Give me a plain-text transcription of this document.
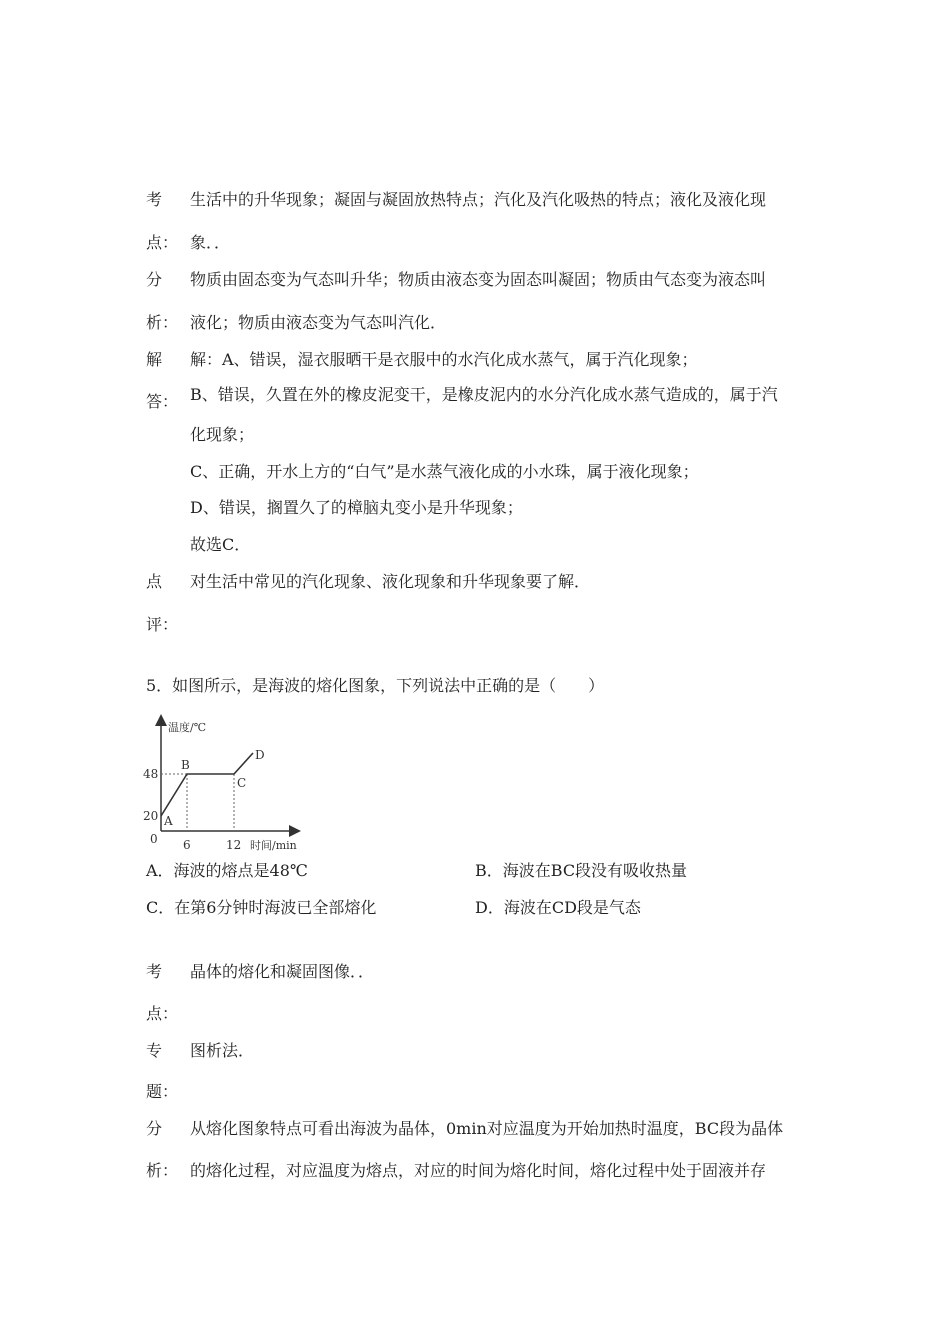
考 生活中的升华现象；凝固与凝固放热特点；汽化及汽化吸热的特点；液化及液化现
点： 象．．
分 物质由固态变为气态叫升华；物质由液态变为固态叫凝固；物质由气态变为液态叫
析： 液化；物质由液态变为气态叫汽化．
解 解：A、错误，湿衣服晒干是衣服中的水汽化成水蒸气，属于汽化现象；
答： B、错误，久置在外的橡皮泥变干，是橡皮泥内的水分汽化成水蒸气造成的，属于汽
化现象；
C、正确，开水上方的“白气”是水蒸气液化成的小水珠，属于液化现象；
D、错误，搁置久了的樟脑丸变小是升华现象；
故选C．
点 对生活中常见的汽化现象、液化现象和升华现象要了解．
评：
5．如图所示，是海波的熔化图象，下列说法中正确的是（　　）
温度/℃
时间/min
0
48
20
6	12
A
B
C
D
A．海波的熔点是48℃	B．海波在BC段没有吸收热量
C．在第6分钟时海波已全部熔化	D．海波在CD段是气态
考 晶体的熔化和凝固图像．．
点：
专 图析法．
题：
分 从熔化图象特点可看出海波为晶体，0min对应温度为开始加热时温度，BC段为晶体
析： 的熔化过程，对应温度为熔点，对应的时间为熔化时间，熔化过程中处于固液并存
